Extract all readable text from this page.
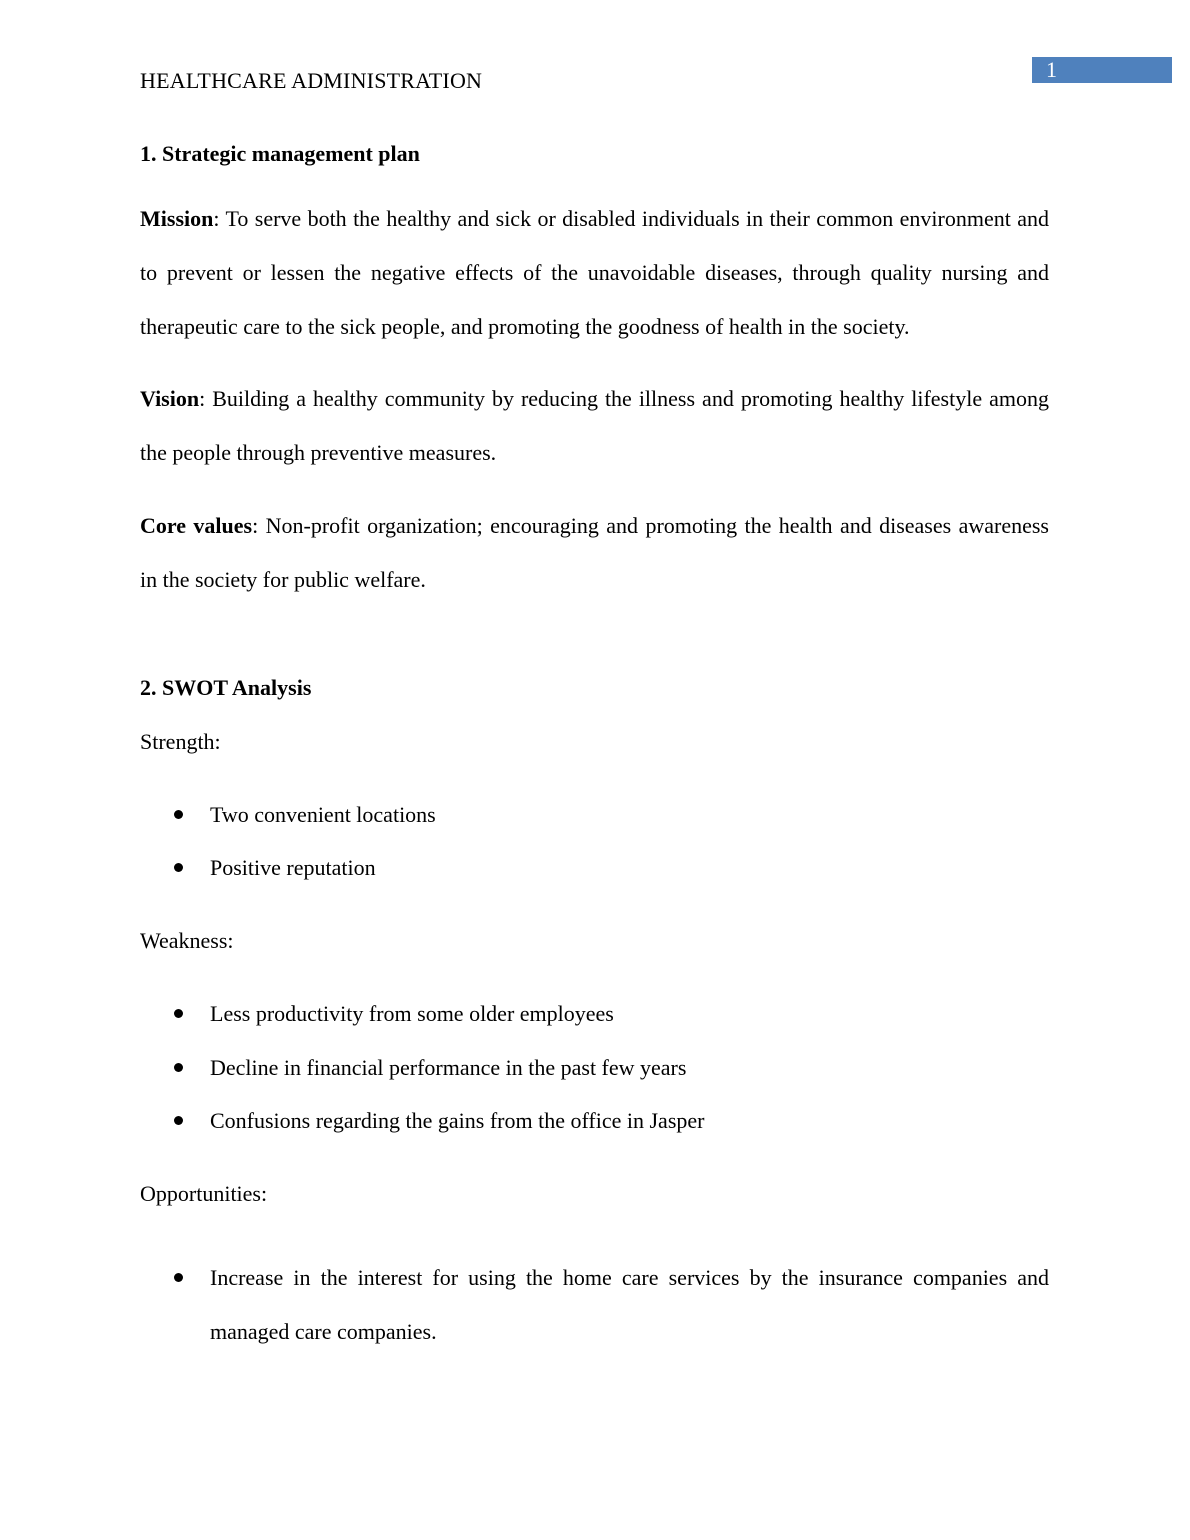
1
HEALTHCARE ADMINISTRATION
1. Strategic management plan

Mission: To serve both the healthy and sick or disabled individuals in their common environment and to prevent or lessen the negative effects of the unavoidable diseases, through quality nursing and therapeutic care to the sick people, and promoting the goodness of health in the society.

Vision: Building a healthy community by reducing the illness and promoting healthy lifestyle among the people through preventive measures.

Core values: Non-profit organization; encouraging and promoting the health and diseases awareness in the society for public welfare.

2. SWOT Analysis
Strength:
Two convenient locations
Positive reputation
Weakness:
Less productivity from some older employees
Decline in financial performance in the past few years
Confusions regarding the gains from the office in Jasper
Opportunities:
Increase in the interest for using the home care services by the insurance companies and managed care companies.
